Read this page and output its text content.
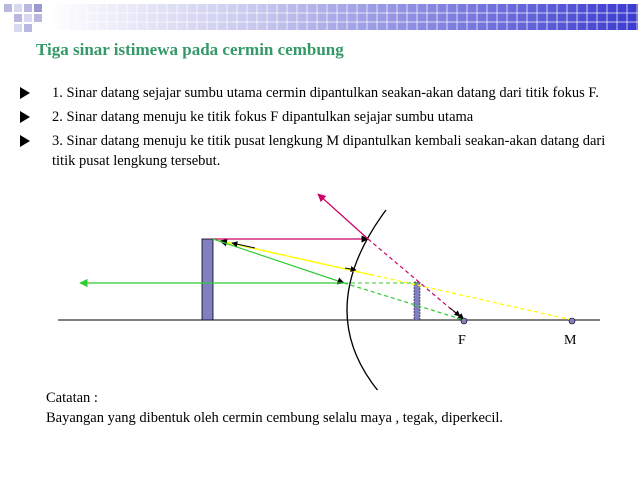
Tiga sinar istimewa pada cermin cembung
1. Sinar datang sejajar sumbu utama cermin dipantulkan seakan-akan datang dari titik fokus F.
2. Sinar datang menuju ke titik fokus F dipantulkan sejajar sumbu utama
3. Sinar datang menuju ke titik pusat lengkung M dipantulkan kembali seakan-akan datang dari titik pusat lengkung tersebut.
F	M
Catatan :
Bayangan yang dibentuk oleh cermin cembung selalu maya , tegak, diperkecil.
